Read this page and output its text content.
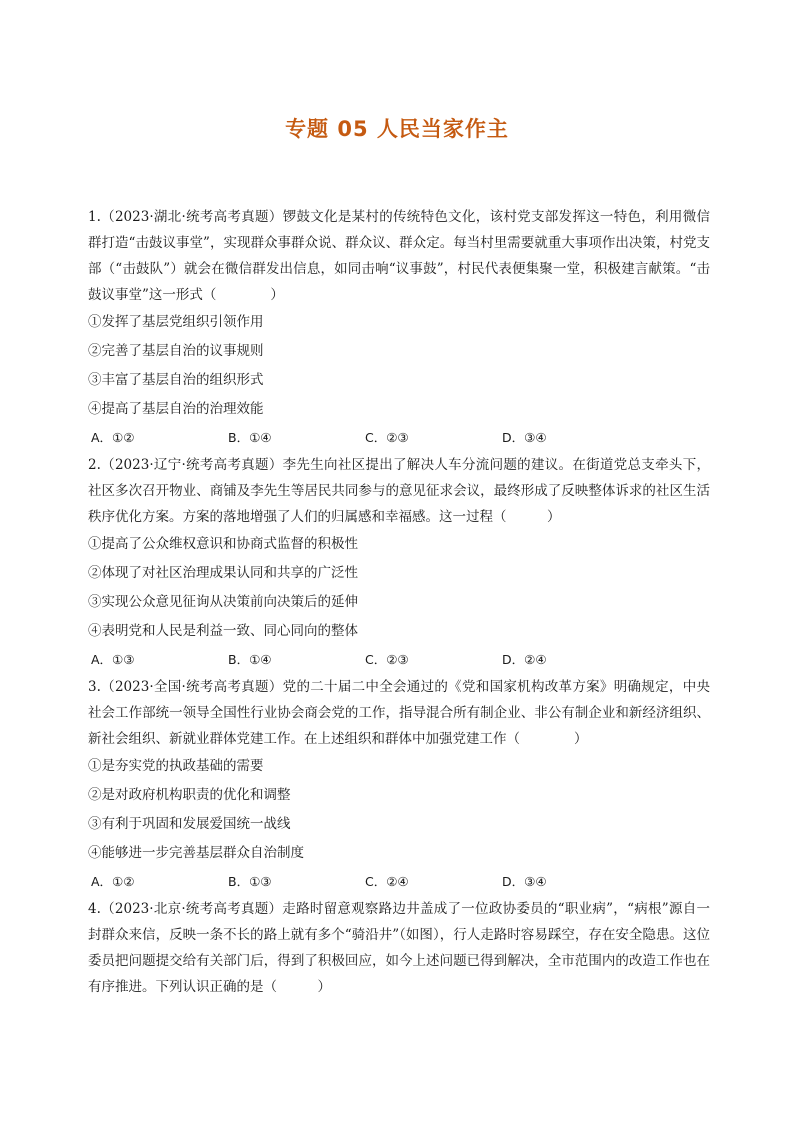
专题 05 人民当家作主

1.（2023·湖北·统考高考真题）锣鼓文化是某村的传统特色文化，该村党支部发挥这一特色，利用微信群打造“击鼓议事堂”，实现群众事群众说、群众议、群众定。每当村里需要就重大事项作出决策，村党支部（“击鼓队”）就会在微信群发出信息，如同击响“议事鼓”，村民代表便集聚一堂，积极建言献策。“击鼓议事堂”这一形式（　　　　）

①发挥了基层党组织引领作用

②完善了基层自治的议事规则

③丰富了基层自治的组织形式

④提高了基层自治的治理效能

A．①②	B．①④	C．②③	D．③④

2.（2023·辽宁·统考高考真题）李先生向社区提出了解决人车分流问题的建议。在街道党总支牵头下，社区多次召开物业、商铺及李先生等居民共同参与的意见征求会议，最终形成了反映整体诉求的社区生活秩序优化方案。方案的落地增强了人们的归属感和幸福感。这一过程（　　　）

①提高了公众维权意识和协商式监督的积极性

②体现了对社区治理成果认同和共享的广泛性

③实现公众意见征询从决策前向决策后的延伸

④表明党和人民是利益一致、同心同向的整体

A．①③	B．①④	C．②③	D．②④

3.（2023·全国·统考高考真题）党的二十届二中全会通过的《党和国家机构改革方案》明确规定，中央社会工作部统一领导全国性行业协会商会党的工作，指导混合所有制企业、非公有制企业和新经济组织、新社会组织、新就业群体党建工作。在上述组织和群体中加强党建工作（　　　　）

①是夯实党的执政基础的需要

②是对政府机构职责的优化和调整

③有利于巩固和发展爱国统一战线

④能够进一步完善基层群众自治制度

A．①②	B．①③	C．②④	D．③④

4.（2023·北京·统考高考真题）走路时留意观察路边井盖成了一位政协委员的“职业病”，“病根”源自一封群众来信，反映一条不长的路上就有多个“骑沿井”（如图），行人走路时容易踩空，存在安全隐患。这位委员把问题提交给有关部门后，得到了积极回应，如今上述问题已得到解决，全市范围内的改造工作也在有序推进。下列认识正确的是（　　　）
